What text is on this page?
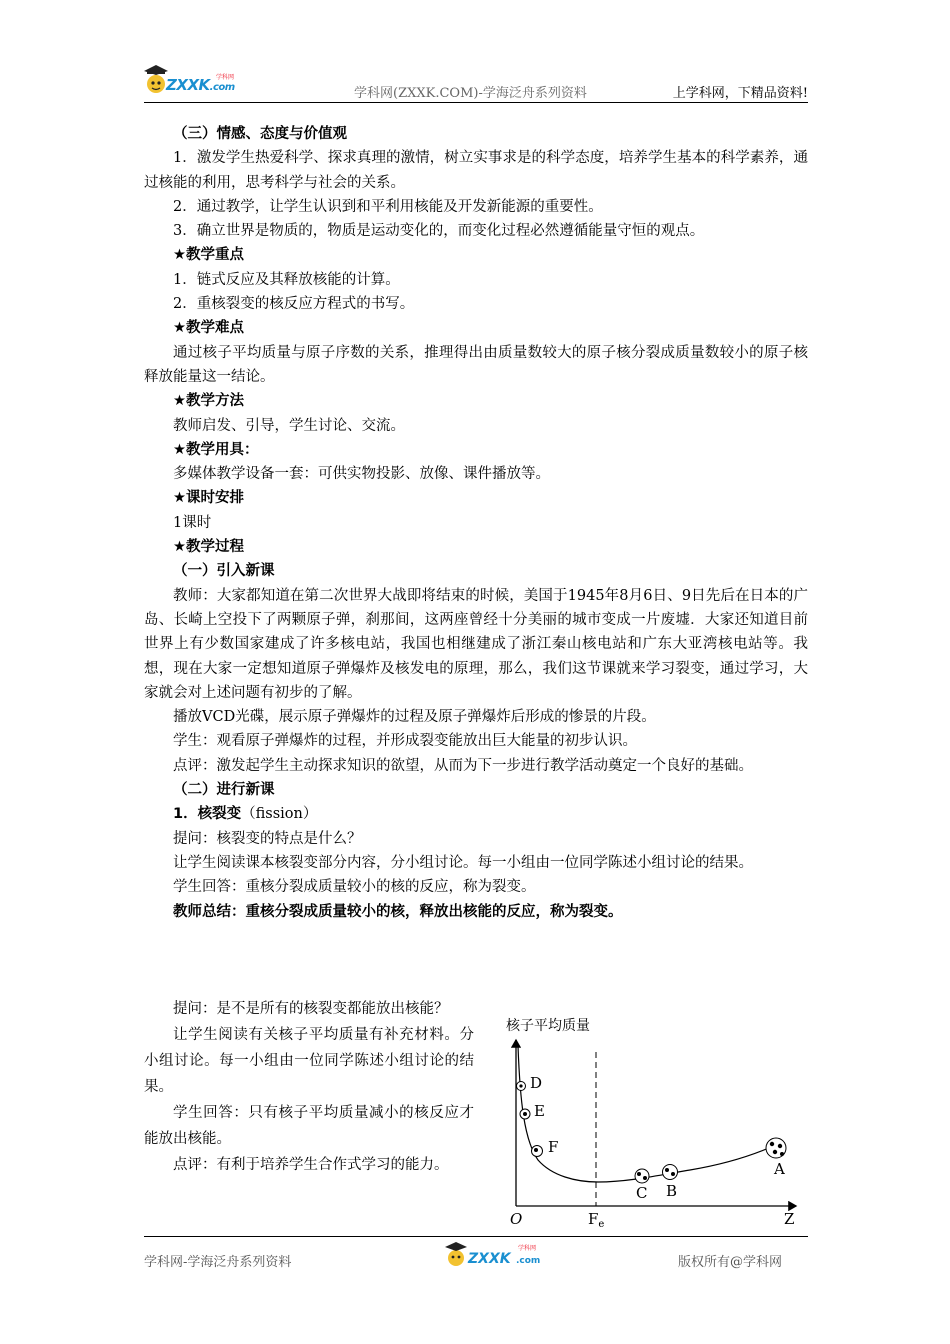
学科网
ZXXK.com	学科网(ZXXK.COM)-学海泛舟系列资料	上学科网，下精品资料!

（三）情感、态度与价值观

1．激发学生热爱科学、探求真理的激情，树立实事求是的科学态度，培养学生基本的科学素养，通过核能的利用，思考科学与社会的关系。

2．通过教学，让学生认识到和平利用核能及开发新能源的重要性。

3．确立世界是物质的，物质是运动变化的，而变化过程必然遵循能量守恒的观点。

★教学重点

1．链式反应及其释放核能的计算。

2．重核裂变的核反应方程式的书写。

★教学难点

通过核子平均质量与原子序数的关系，推理得出由质量数较大的原子核分裂成质量数较小的原子核释放能量这一结论。

★教学方法

教师启发、引导，学生讨论、交流。

★教学用具：

多媒体教学设备一套：可供实物投影、放像、课件播放等。

★课时安排

1课时

★教学过程

（一）引入新课

教师：大家都知道在第二次世界大战即将结束的时候，美国于1945年8月6日、9日先后在日本的广岛、长崎上空投下了两颗原子弹，刹那间，这两座曾经十分美丽的城市变成一片废墟．大家还知道目前世界上有少数国家建成了许多核电站，我国也相继建成了浙江秦山核电站和广东大亚湾核电站等。我想，现在大家一定想知道原子弹爆炸及核发电的原理，那么，我们这节课就来学习裂变，通过学习，大家就会对上述问题有初步的了解。

播放VCD光碟，展示原子弹爆炸的过程及原子弹爆炸后形成的惨景的片段。

学生：观看原子弹爆炸的过程，并形成裂变能放出巨大能量的初步认识。

点评：激发起学生主动探求知识的欲望，从而为下一步进行教学活动奠定一个良好的基础。

（二）进行新课

1．核裂变（fission）

提问：核裂变的特点是什么？

让学生阅读课本核裂变部分内容，分小组讨论。每一小组由一位同学陈述小组讨论的结果。

学生回答：重核分裂成质量较小的核的反应，称为裂变。

教师总结：重核分裂成质量较小的核，释放出核能的反应，称为裂变。

提问：是不是所有的核裂变都能放出核能？

让学生阅读有关核子平均质量有补充材料。分小组讨论。每一小组由一位同学陈述小组讨论的结果。

学生回答：只有核子平均质量减小的核反应才能放出核能。

点评：有利于培养学生合作式学习的能力。

核子平均质量
D
E
F
C B
A
O	$F_e$	Z
学科网-学海泛舟系列资料	ZXXK .com
学科网
版权所有@学科网
